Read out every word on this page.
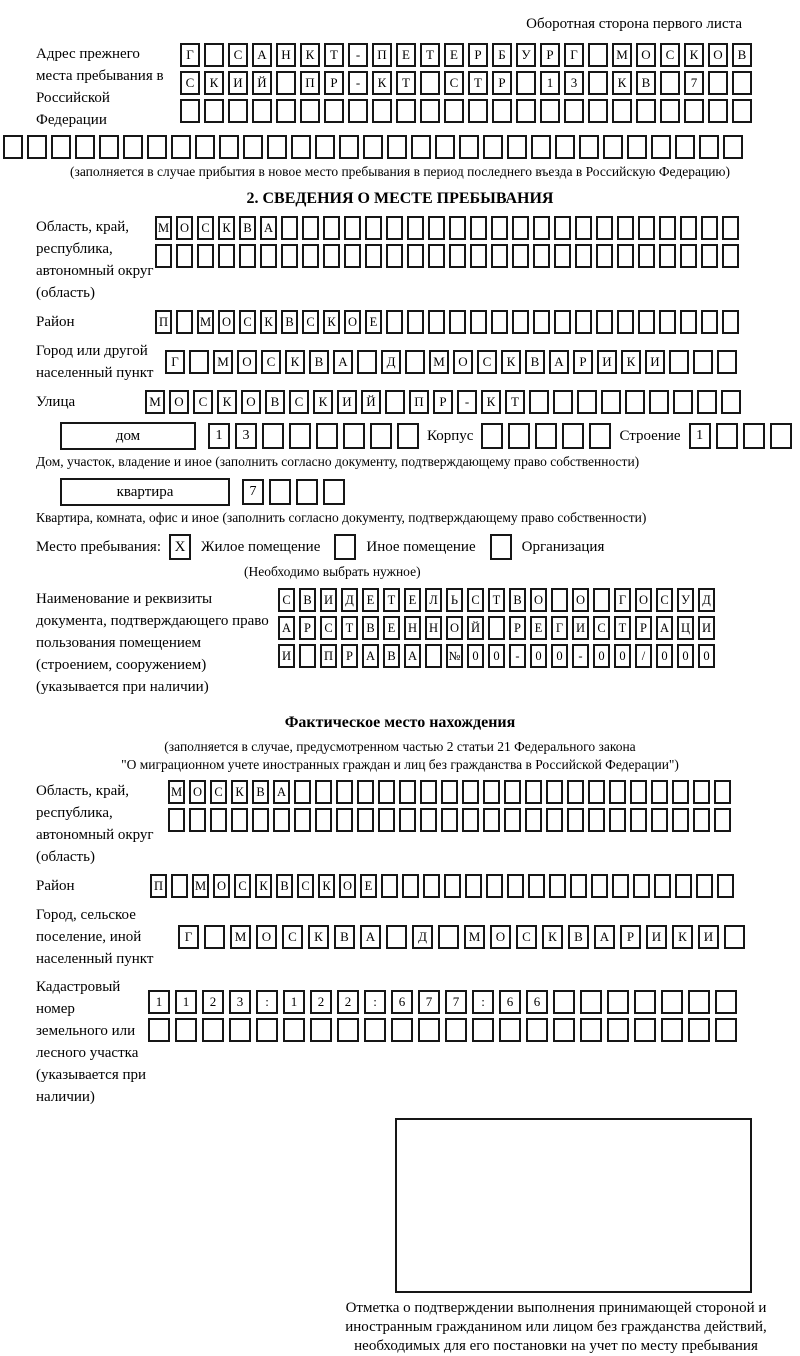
Оборотная сторона первого листа
Адрес прежнего места пребывания в Российской Федерации
Г	С	А	Н	К	Т	-	П	Е	Т	Е	Р	Б	У	Р	Г	М	О	С	К	О	В
С	К	И	Й	П	Р	-	К	Т	С	Т	Р	1	3	К	В	7
(заполняется в случае прибытия в новое место пребывания в период последнего въезда в Российскую Федерацию)
2. СВЕДЕНИЯ О МЕСТЕ ПРЕБЫВАНИЯ
Область, край, республика, автономный округ (область)
М О С	К	В А
Район	П	М О С	К	В	С	К О	Е
Город или другой населенный пункт
Г	М	О	С	К	В	А	Д	М	О	С	К	В	А	Р	И	К	И
Улица	М	О	С	К	О	В	С	К	И	Й	П	Р	-	К	Т
дом	1	3	Корпус	Строение	1
Дом, участок, владение и иное (заполнить согласно документу, подтверждающему право собственности)
квартира	7
Квартира, комната, офис и иное (заполнить согласно документу, подтверждающему право собственности)
Место пребывания: X	Жилое помещение	Иное помещение	Организация
(Необходимо выбрать нужное)
Наименование и реквизиты документа, подтверждающего право пользования помещением (строением, сооружением) (указывается при наличии)
С	В И Д	Е	Т	Е	Л	Ь	С	Т	В О	О	Г	О С У Д
А	Р	С	Т	В	Е	Н Н О Й	Р	Е	Г	И С	Т	Р	А Ц И
И	П	Р	А В А	№ 0	0	-	0	0	-	0	0	/	0	0	0
Фактическое место нахождения
(заполняется в случае, предусмотренном частью 2 статьи 21 Федерального закона
"О миграционном учете иностранных граждан и лиц без гражданства в Российской Федерации")
Область, край, республика, автономный округ (область)
М О С	К	В А
Район	П	М О С	К	В	С	К О	Е
Город, сельское поселение, иной населенный пункт
Г	М	О	С	К	В	А	Д	М	О	С	К	В	А	Р	И	К	И
Кадастровый номер земельного или лесного участка (указывается при наличии)
1	1	2	3	:	1	2	2	:	6	7	7	:	6	6
Отметка о подтверждении выполнения принимающей стороной и иностранным гражданином или лицом без гражданства действий, необходимых для его постановки на учет по месту пребывания
